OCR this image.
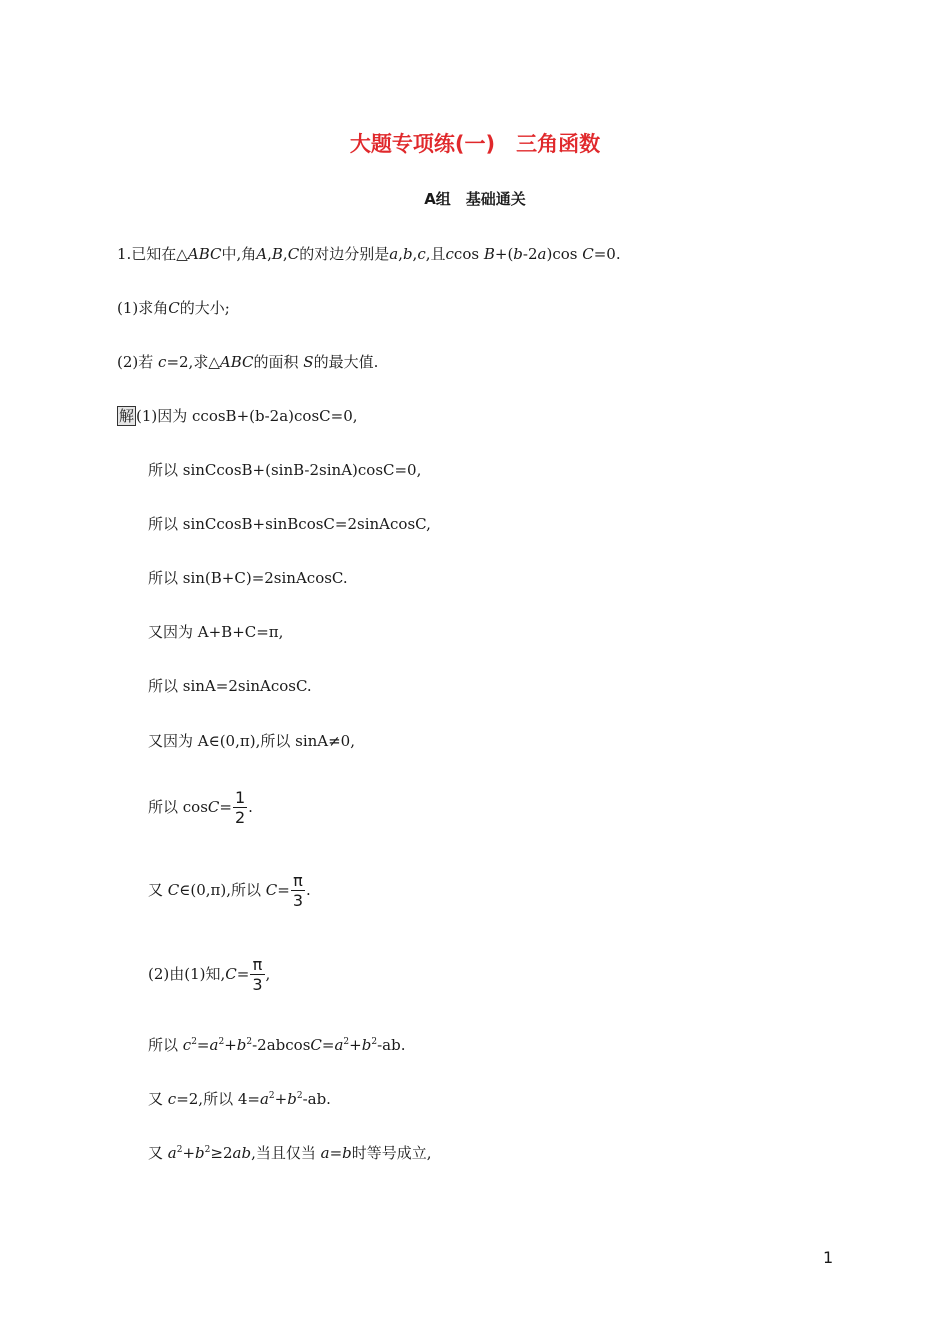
大题专项练(一)　三角函数
A组　基础通关
1.已知在△ABC中,角A,B,C的对边分别是a,b,c,且ccos B+(b-2a)cos C=0.
(1)求角C的大小;
(2)若 c=2,求△ABC的面积 S的最大值.
解 (1)因为 ccosB+(b-2a)cosC=0,
所以 sinCcosB+(sinB-2sinA)cosC=0,
所以 sinCcosB+sinBcosC=2sinAcosC,
所以 sin(B+C)=2sinAcosC.
又因为 A+B+C=π,
所以 sinA=2sinAcosC.
又因为 A∈(0,π),所以 sinA≠0,
所以 $\cos C= \frac{1}{2}$ .
又 C∈(0,π),所以 $C= \frac{\pi}{3}$ .
(2)由(1)知$,C= \frac{\pi}{3}$ ,
所以 $c^2=a^2+b^2-2abcosC=a^2+b^2-ab$.
又 c=2,所以 $4=a^2+b^2-ab$.
又 $a^2+b^2\ge 2ab$,当且仅当 a=b时等号成立,
1
